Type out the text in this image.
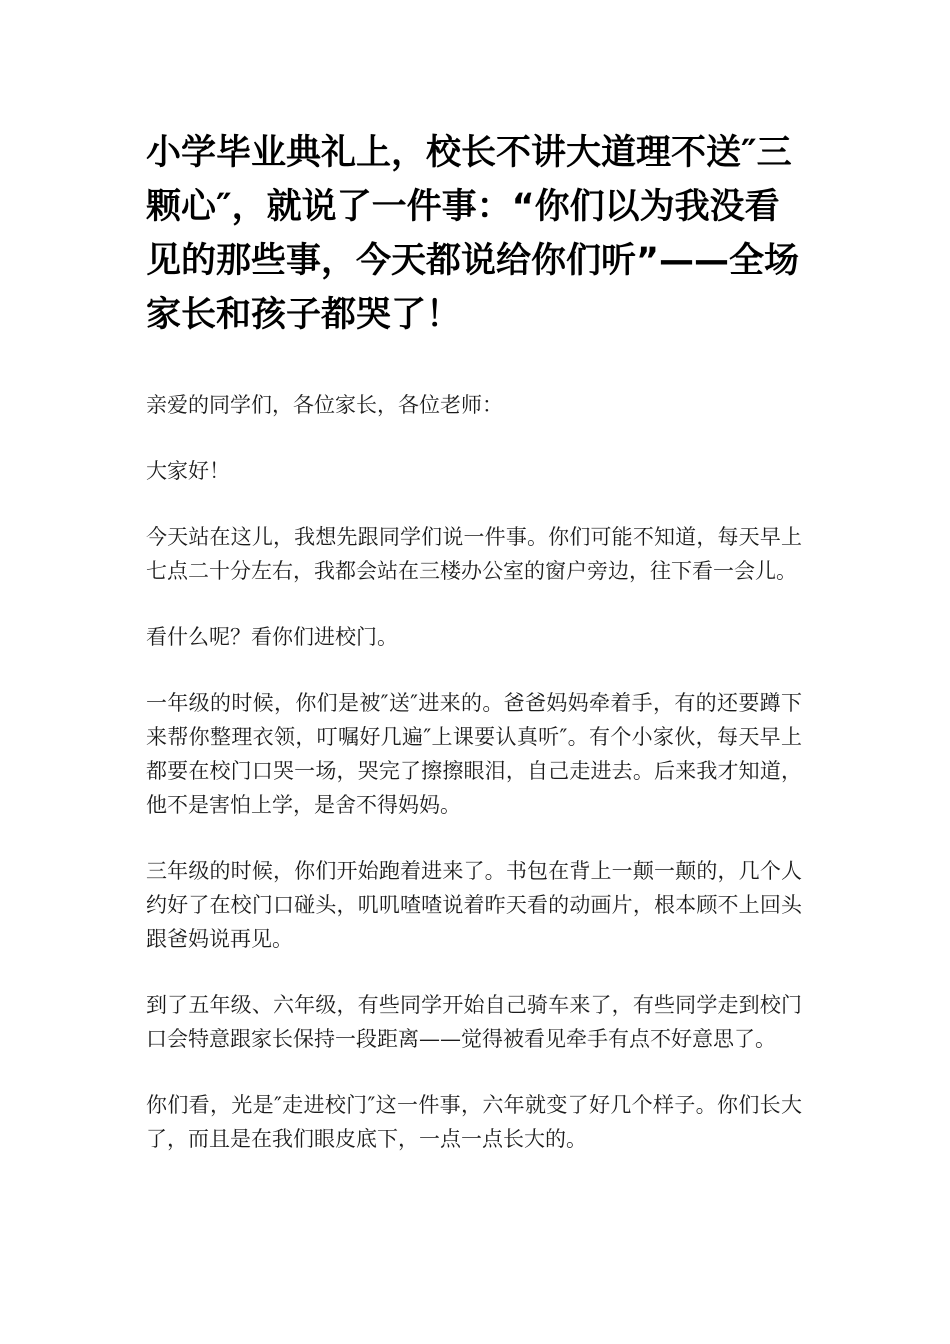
小学毕业典礼上，校长不讲大道理不送″三颗心″，就说了一件事：“你们以为我没看见的那些事，今天都说给你们听”——全场家长和孩子都哭了！

亲爱的同学们，各位家长，各位老师：

大家好！

今天站在这儿，我想先跟同学们说一件事。你们可能不知道，每天早上七点二十分左右，我都会站在三楼办公室的窗户旁边，往下看一会儿。

看什么呢？看你们进校门。

一年级的时候，你们是被″送″进来的。爸爸妈妈牵着手，有的还要蹲下来帮你整理衣领，叮嘱好几遍″上课要认真听″。有个小家伙，每天早上都要在校门口哭一场，哭完了擦擦眼泪，自己走进去。后来我才知道，他不是害怕上学，是舍不得妈妈。

三年级的时候，你们开始跑着进来了。书包在背上一颠一颠的，几个人约好了在校门口碰头，叽叽喳喳说着昨天看的动画片，根本顾不上回头跟爸妈说再见。

到了五年级、六年级，有些同学开始自己骑车来了，有些同学走到校门口会特意跟家长保持一段距离——觉得被看见牵手有点不好意思了。

你们看，光是″走进校门″这一件事，六年就变了好几个样子。你们长大了，而且是在我们眼皮底下，一点一点长大的。
